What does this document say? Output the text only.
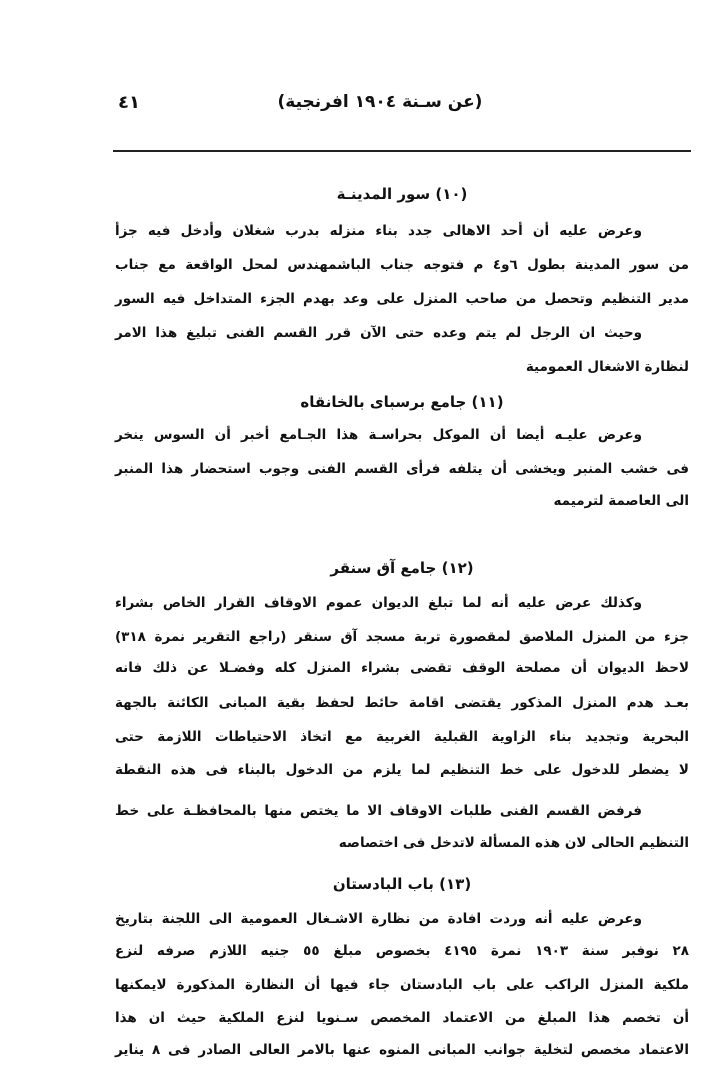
٤١	(عن سـنة ١٩٠٤ افرنجية)
(١٠) سور المدينـة
وعرض عليه أن أحد الاهالى جدد بناء منزله بدرب شغلان وأدخل فيه جزأ
من سور المدينة بطول ٦و٤ م فتوجه جناب الباشمهندس لمحل الواقعة مع جناب
مدير التنظيم وتحصل من صاحب المنزل على وعد بهدم الجزء المتداخل فيه السور
وحيث ان الرجل لم يتم وعده حتى الآن قرر القسم الفنى تبليغ هذا الامر
لنظارة الاشغال العمومية
(١١) جامع برسباى بالخانقاه
وعرض عليـه أيضا أن الموكل بحراسـة هذا الجـامع أخبر أن السوس ينخر
فى خشب المنبر ويخشى أن يتلفه فرأى القسم الفنى وجوب استحضار هذا المنبر
الى العاصمة لترميمه
(١٢) جامع آق سنقر
وكذلك عرض عليه أنه لما تبلغ الديوان عموم الاوقاف القرار الخاص بشراء
جزء من المنزل الملاصق لمقصورة تربة مسجد آق سنقر (راجع التقرير نمرة ٣١٨)
لاحظ الديوان أن مصلحة الوقف تقضى بشراء المنزل كله وفضـلا عن ذلك فانه
بعـد هدم المنزل المذكور يقتضى اقامة حائط لحفظ بقية المبانى الكائنة بالجهة
البحرية وتجديد بناء الزاوية القبلية الغربية مع اتخاذ الاحتياطات اللازمة حتى
لا يضطر للدخول على خط التنظيم لما يلزم من الدخول بالبناء فى هذه النقطة
فرفض القسم الفنى طلبات الاوقاف الا ما يختص منها بالمحافظـة على خط
التنظيم الحالى لان هذه المسألة لاتدخل فى اختصاصه
(١٣) باب البادستان
وعرض عليه أنه وردت افادة من نظارة الاشـغال العمومية الى اللجنة بتاريخ
٢٨ نوفبر سنة ١٩٠٣ نمرة ٤١٩٥ بخصوص مبلغ ٥٥ جنيه اللازم صرفه لنزع
ملكية المنزل الراكب على باب البادستان جاء فيها أن النظارة المذكورة لايمكنها
أن تخصم هذا المبلغ من الاعتماد المخصص سـنويا لنزع الملكية حيث ان هذا
الاعتماد مخصص لتخلية جوانب المبانى المنوه عنها بالامر العالى الصادر فى ٨ يناير
